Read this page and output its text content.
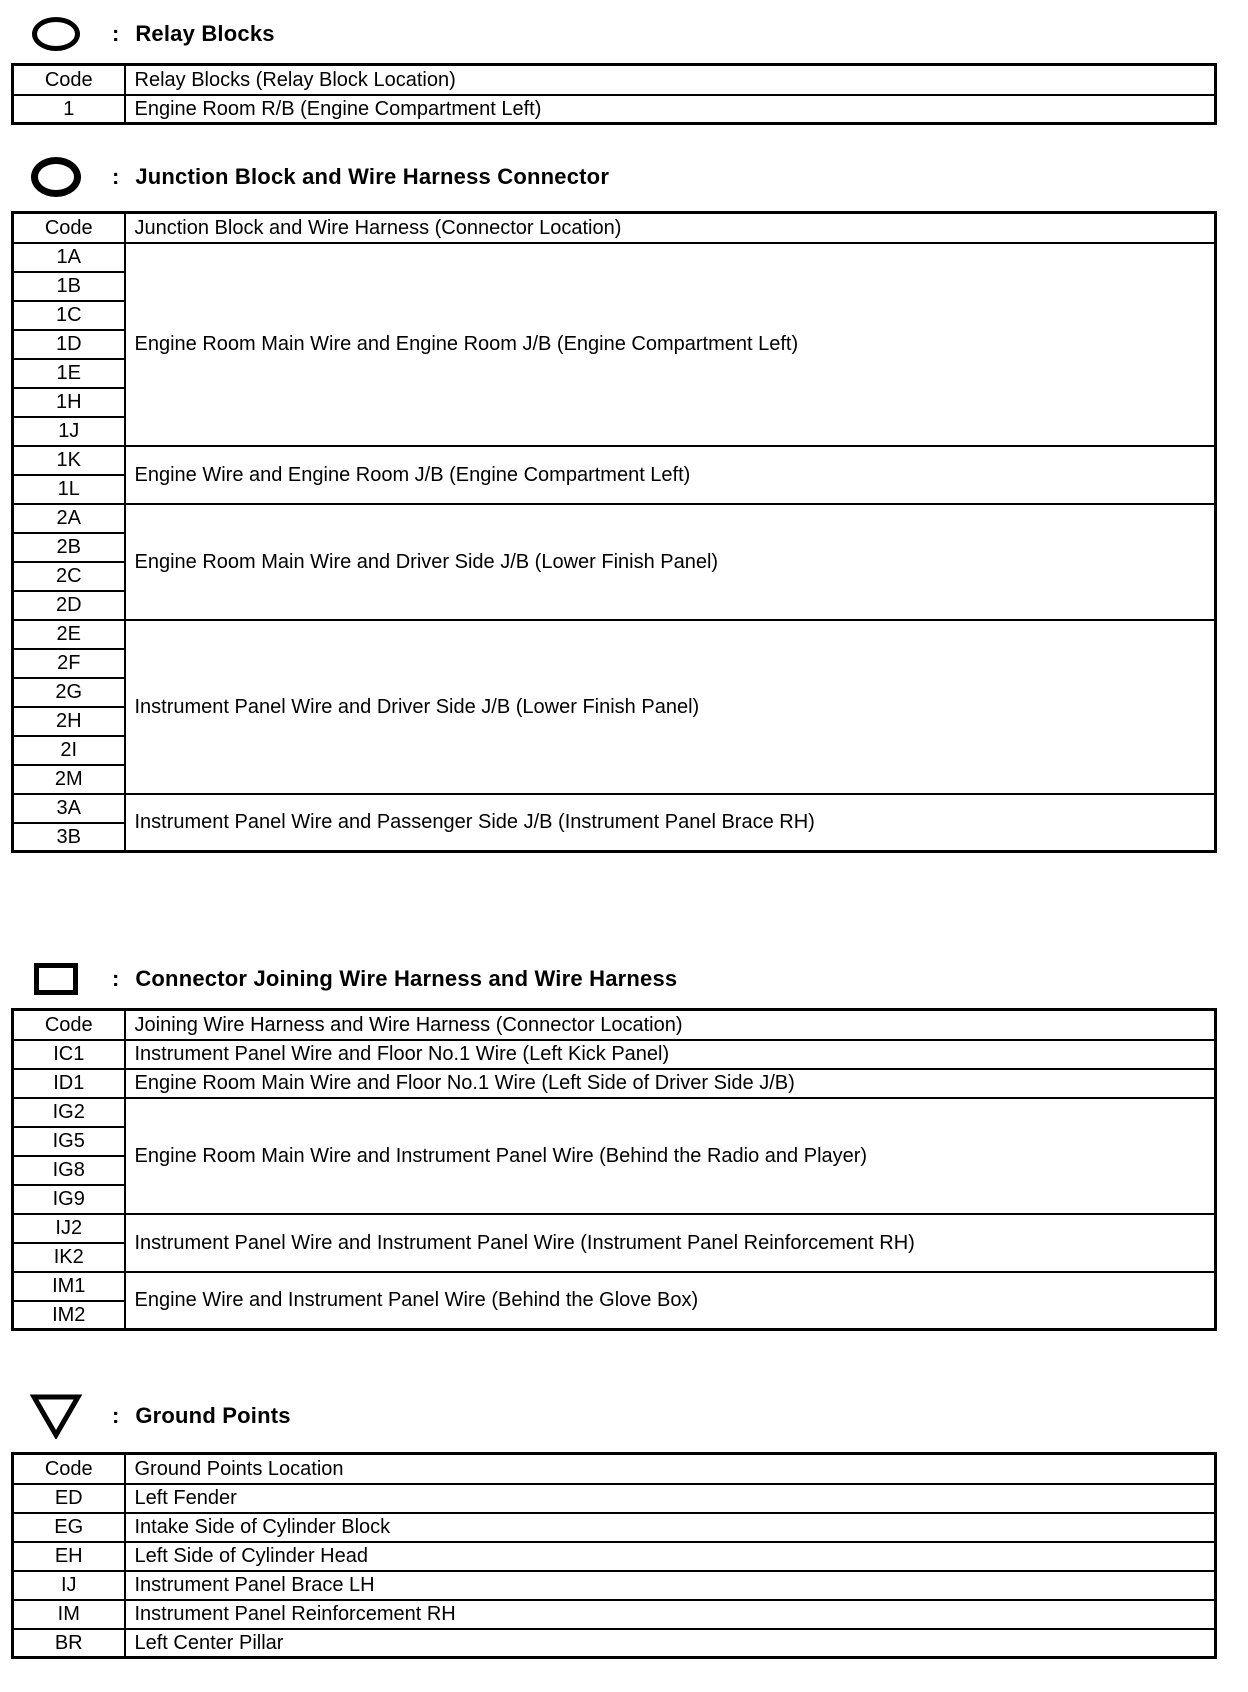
: Relay Blocks
Code	Relay Blocks (Relay Block Location)
1	Engine Room R/B (Engine Compartment Left)
: Junction Block and Wire Harness Connector
Code	Junction Block and Wire Harness (Connector Location)
1A	Engine Room Main Wire and Engine Room J/B (Engine Compartment Left)
1B	
1C	
1D	
1E	
1H	
1J	
1K	Engine Wire and Engine Room J/B (Engine Compartment Left)
1L	
2A	Engine Room Main Wire and Driver Side J/B (Lower Finish Panel)
2B	
2C	
2D	
2E	Instrument Panel Wire and Driver Side J/B (Lower Finish Panel)
2F	
2G	
2H	
2I	
2M	
3A	Instrument Panel Wire and Passenger Side J/B (Instrument Panel Brace RH)
3B	
: Connector Joining Wire Harness and Wire Harness
Code	Joining Wire Harness and Wire Harness (Connector Location)
IC1	Instrument Panel Wire and Floor No.1 Wire (Left Kick Panel)
ID1	Engine Room Main Wire and Floor No.1 Wire (Left Side of Driver Side J/B)
IG2	Engine Room Main Wire and Instrument Panel Wire (Behind the Radio and Player)
IG5	
IG8	
IG9	
IJ2	Instrument Panel Wire and Instrument Panel Wire (Instrument Panel Reinforcement RH)
IK2	
IM1	Engine Wire and Instrument Panel Wire (Behind the Glove Box)
IM2	
: Ground Points
Code	Ground Points Location
ED	Left Fender
EG	Intake Side of Cylinder Block
EH	Left Side of Cylinder Head
IJ	Instrument Panel Brace LH
IM	Instrument Panel Reinforcement RH
BR	Left Center Pillar
